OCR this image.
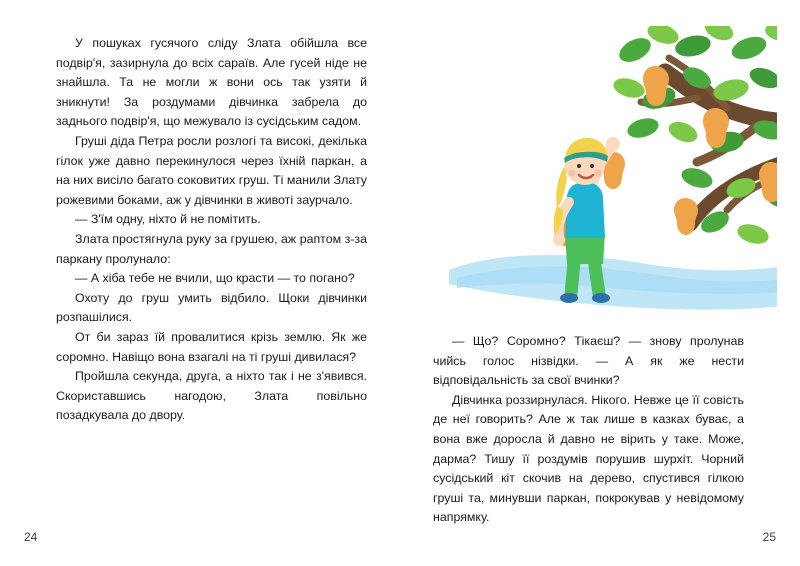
У пошуках гусячого сліду Злата обійшла все подвір'я, зазирнула до всіх сараїв. Але гусей ніде не знайшла. Та не могли ж вони ось так узяти й зникнути! За роздумами дівчинка забрела до заднього подвір'я, що межувало із сусідським садом.

Груші діда Петра росли розлогі та високі, декілька гілок уже давно перекинулося через їхній паркан, а на них висіло багато соковитих груш. Ті манили Злату рожевими боками, аж у дівчинки в животі заурчало.

— З'їм одну, ніхто й не помітить.

Злата простягнула руку за грушею, аж раптом з-за паркану пролунало:

— А хіба тебе не вчили, що красти — то погано?

Охоту до груш умить відбило. Щоки дівчинки розпашілися.

От би зараз їй провалитися крізь землю. Як же соромно. Навіщо вона взагалі на ті груші дивилася?

Пройшла секунда, друга, а ніхто так і не з'явився. Скориставшись нагодою, Злата повільно позадкувала до двору.

24

— Що? Соромно? Тікаєш? — знову пролунав чийсь голос нізвідки. — А як же нести відповідальність за свої вчинки?

Дівчинка роззирнулася. Нікого. Невже це її совість де неї говорить? Але ж так лише в казках буває, а вона вже доросла й давно не вірить у таке. Може, дарма? Тишу її роздумів порушив шурхіт. Чорний сусідський кіт скочив на дерево, спустився гілкою груші та, минувши паркан, покрокував у невідомому напрямку.

25
